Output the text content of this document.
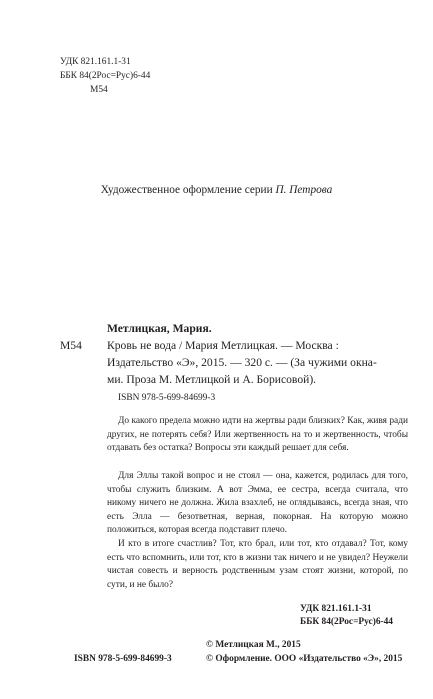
УДК 821.161.1-31
ББК 84(2Рос=Рус)6-44
М54
Художественное оформление серии П. Петрова
Метлицкая, Мария.
М54 Кровь не вода / Мария Метлицкая. — Москва :
Издательство «Э», 2015. — 320 с. — (За чужими окна-
ми. Проза М. Метлицкой и А. Борисовой).
ISBN 978-5-699-84699-3

До какого предела можно идти на жертвы ради близких? Как, живя ради других, не потерять себя? Или жертвенность на то и жертвенность, чтобы отдавать без остатка? Вопросы эти каждый решает для себя.

Для Эллы такой вопрос и не стоял — она, кажется, родилась для того, чтобы служить близким. А вот Эмма, ее сестра, всегда считала, что никому ничего не должна. Жила взахлеб, не оглядываясь, всегда зная, что есть Элла — безответная, верная, покорная. На которую можно положиться, которая всегда подставит плечо.

И кто в итоге счастлив? Тот, кто брал, или тот, кто отдавал? Тот, кому есть что вспомнить, или тот, кто в жизни так ничего и не увидел? Неужели чистая совесть и верность родственным узам стоят жизни, которой, по сути, и не было?

УДК 821.161.1-31
ББК 84(2Рос=Рус)6-44
ISBN 978-5-699-84699-3
© Метлицкая М., 2015
© Оформление. ООО «Издательство «Э», 2015
